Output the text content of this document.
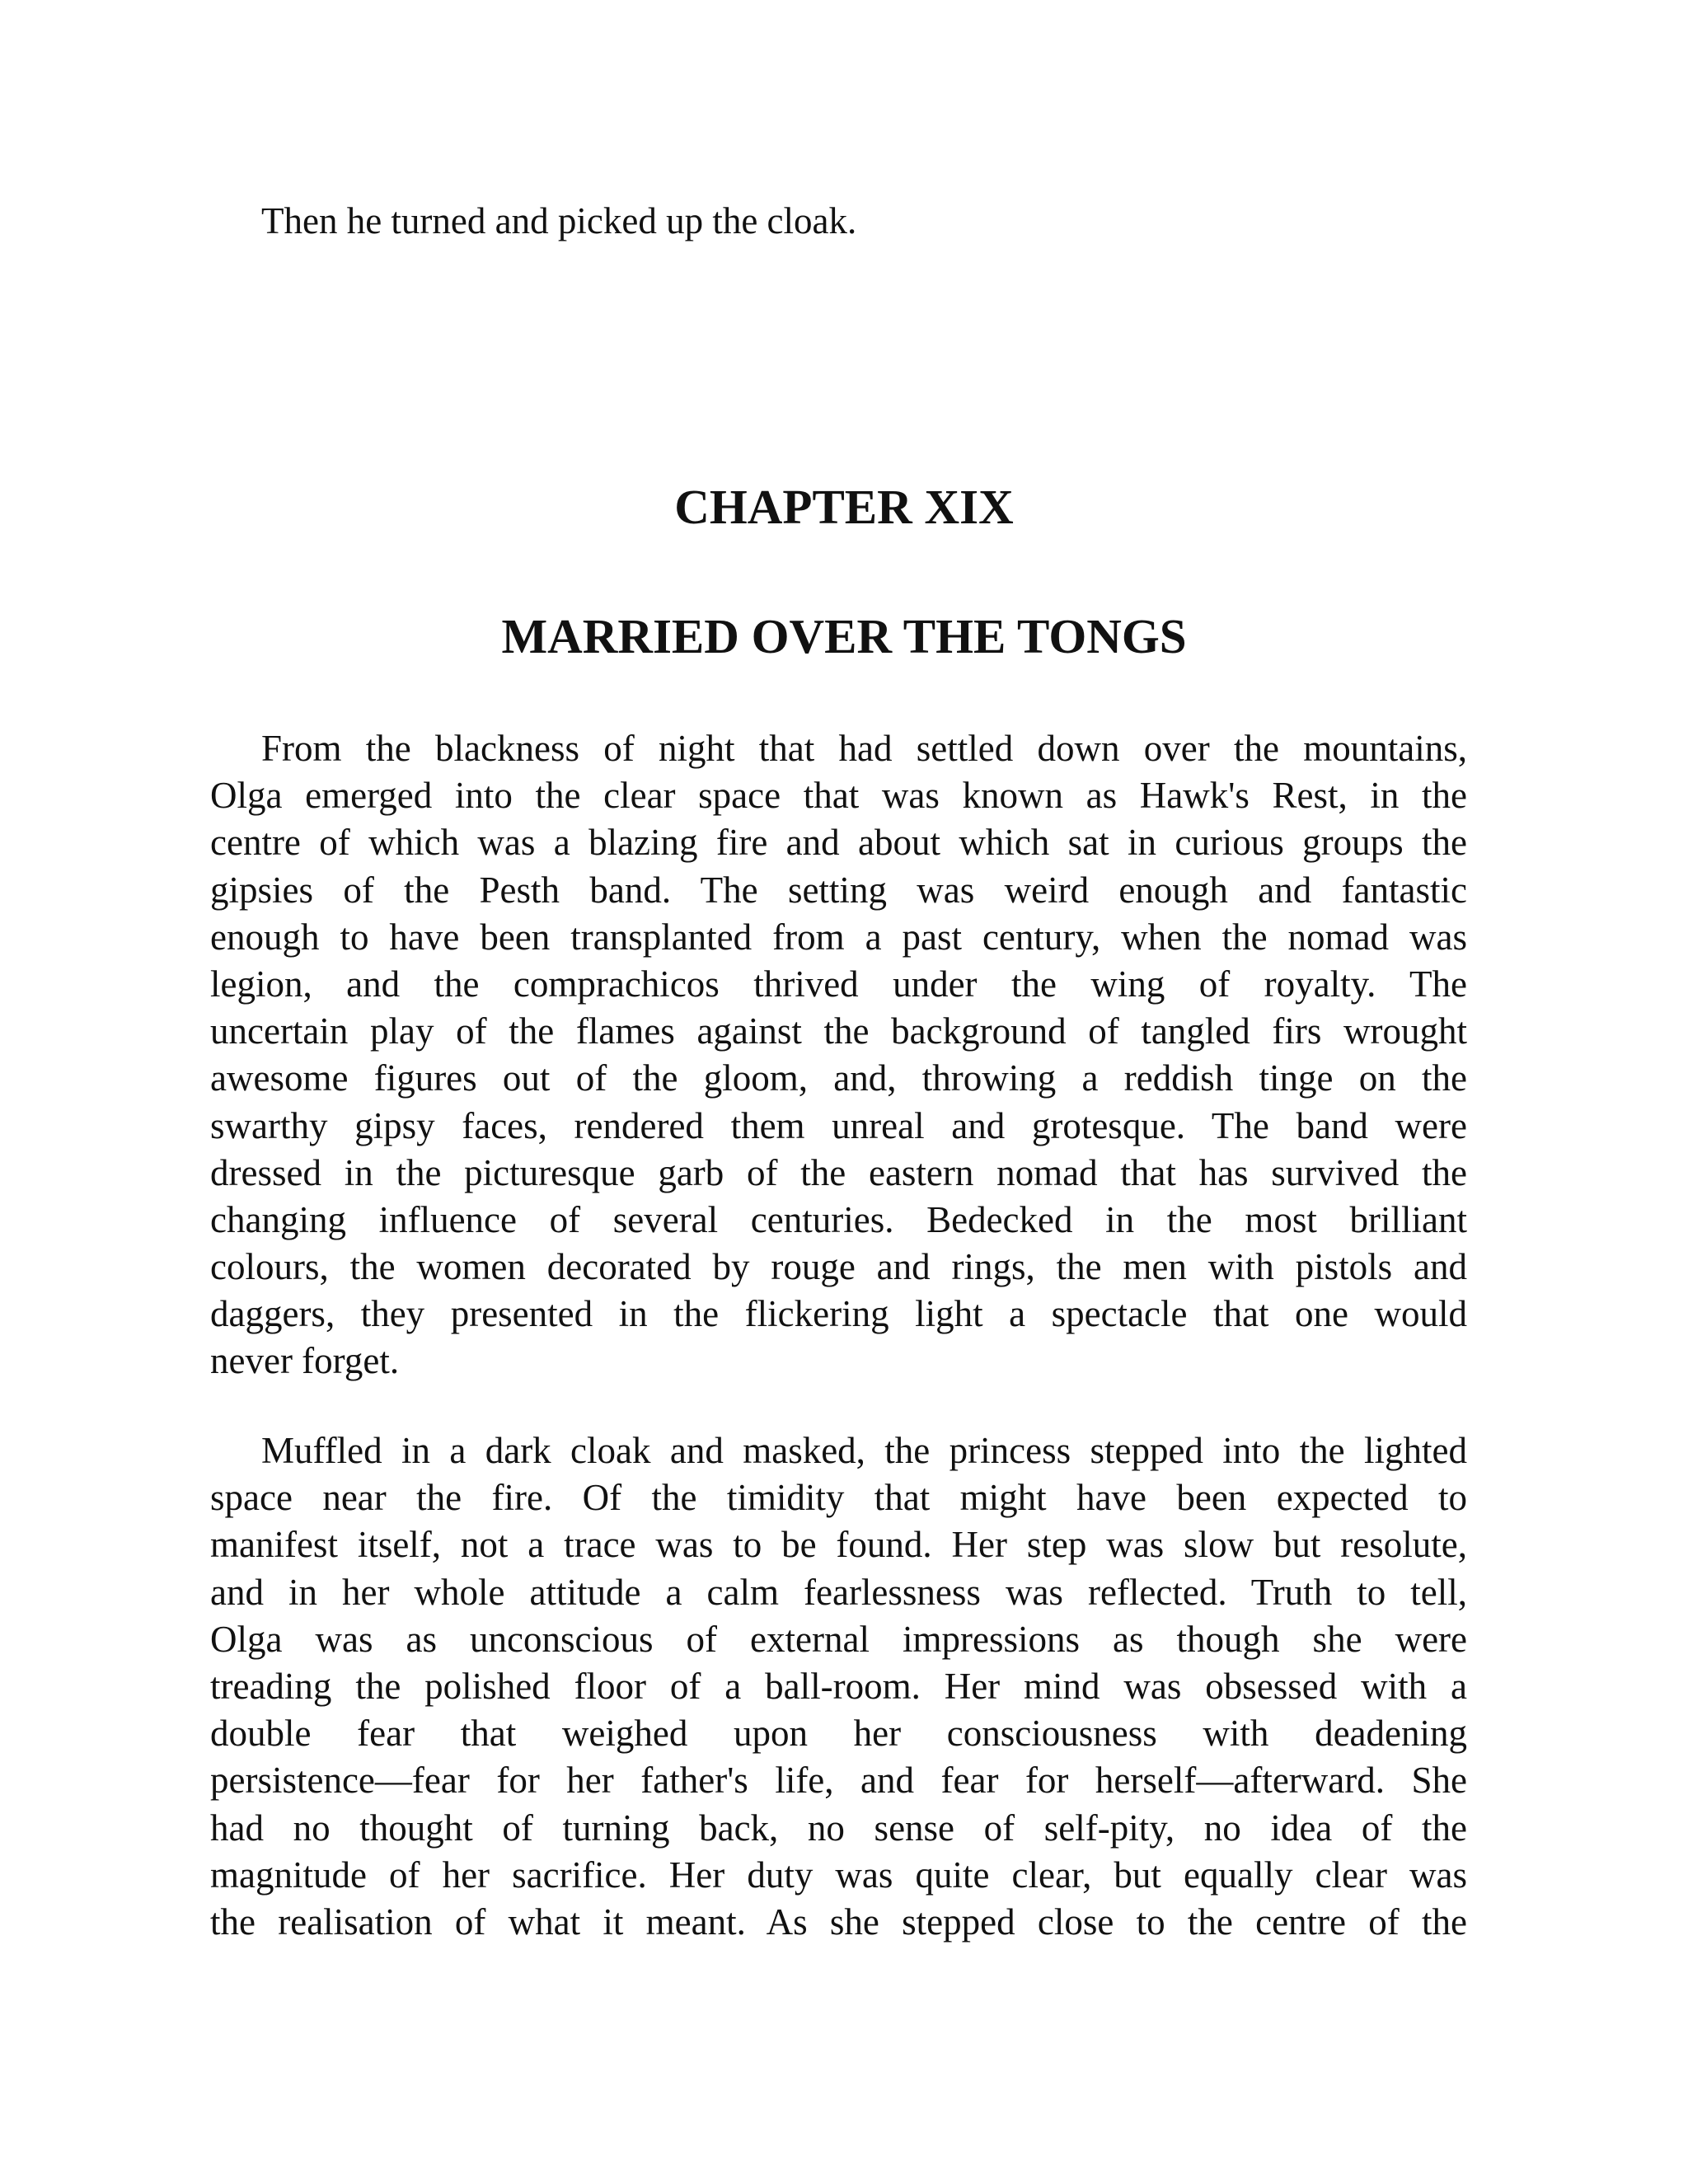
Then he turned and picked up the cloak.

CHAPTER XIX
MARRIED OVER THE TONGS

From the blackness of night that had settled down over the mountains,
Olga emerged into the clear space that was known as Hawk's Rest, in the
centre of which was a blazing fire and about which sat in curious groups the
gipsies of the Pesth band. The setting was weird enough and fantastic
enough to have been transplanted from a past century, when the nomad was
legion, and the comprachicos thrived under the wing of royalty. The
uncertain play of the flames against the background of tangled firs wrought
awesome figures out of the gloom, and, throwing a reddish tinge on the
swarthy gipsy faces, rendered them unreal and grotesque. The band were
dressed in the picturesque garb of the eastern nomad that has survived the
changing influence of several centuries. Bedecked in the most brilliant
colours, the women decorated by rouge and rings, the men with pistols and
daggers, they presented in the flickering light a spectacle that one would
never forget.

Muffled in a dark cloak and masked, the princess stepped into the lighted
space near the fire. Of the timidity that might have been expected to
manifest itself, not a trace was to be found. Her step was slow but resolute,
and in her whole attitude a calm fearlessness was reflected. Truth to tell,
Olga was as unconscious of external impressions as though she were
treading the polished floor of a ball-room. Her mind was obsessed with a
double fear that weighed upon her consciousness with deadening
persistence—fear for her father's life, and fear for herself—afterward. She
had no thought of turning back, no sense of self-pity, no idea of the
magnitude of her sacrifice. Her duty was quite clear, but equally clear was
the realisation of what it meant. As she stepped close to the centre of the
